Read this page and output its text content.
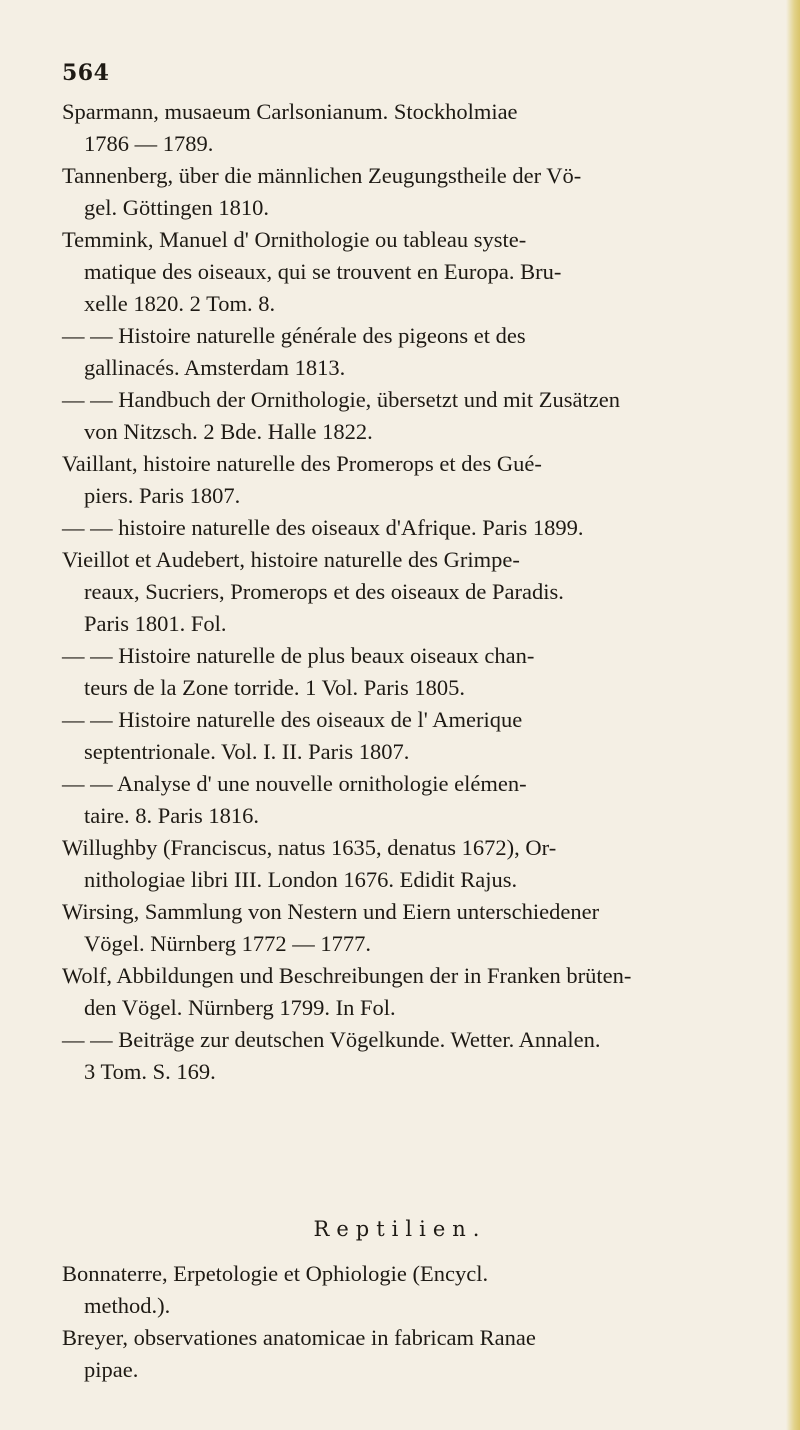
564
Sparmann, musaeum Carlsonianum. Stockholmiae
1786 — 1789.
Tannenberg, über die männlichen Zeugungstheile der Vö-
gel. Göttingen 1810.
Temmink, Manuel d' Ornithologie ou tableau syste-
matique des oiseaux, qui se trouvent en Europa. Bru-
xelle 1820. 2 Tom. 8.
— — Histoire naturelle générale des pigeons et des
gallinacés. Amsterdam 1813.
— — Handbuch der Ornithologie, übersetzt und mit Zusätzen
von Nitzsch. 2 Bde. Halle 1822.
Vaillant, histoire naturelle des Promerops et des Gué-
piers. Paris 1807.
— — histoire naturelle des oiseaux d'Afrique. Paris 1899.
Vieillot et Audebert, histoire naturelle des Grimpe-
reaux, Sucriers, Promerops et des oiseaux de Paradis.
Paris 1801. Fol.
— — Histoire naturelle de plus beaux oiseaux chan-
teurs de la Zone torride. 1 Vol. Paris 1805.
— — Histoire naturelle des oiseaux de l' Amerique
septentrionale. Vol. I. II. Paris 1807.
— — Analyse d' une nouvelle ornithologie elémen-
taire. 8. Paris 1816.
Willughby (Franciscus, natus 1635, denatus 1672), Or-
nithologiae libri III. London 1676. Edidit Rajus.
Wirsing, Sammlung von Nestern und Eiern unterschiedener
Vögel. Nürnberg 1772 — 1777.
Wolf, Abbildungen und Beschreibungen der in Franken brüten-
den Vögel. Nürnberg 1799. In Fol.
— — Beiträge zur deutschen Vögelkunde. Wetter. Annalen.
3 Tom. S. 169.
Reptilien.
Bonnaterre, Erpetologie et Ophiologie (Encycl.
method.).
Breyer, observationes anatomicae in fabricam Ranae
pipae.
